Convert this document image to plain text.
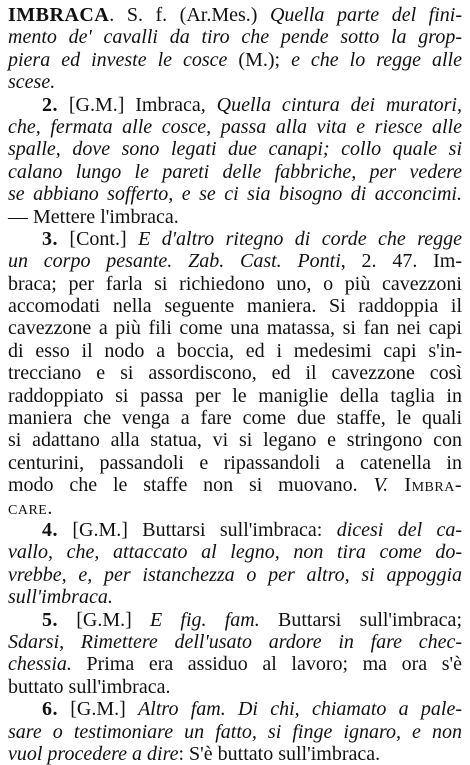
IMBRACA. S. f. (Ar.Mes.) Quella parte del fini-
mento de' cavalli da tiro che pende sotto la grop-
piera ed investe le cosce (M.); e che lo regge alle
scese.
2. [G.M.] Imbraca, Quella cintura dei muratori,
che, fermata alle cosce, passa alla vita e riesce alle
spalle, dove sono legati due canapi; collo quale si
calano lungo le pareti delle fabbriche, per vedere
se abbiano sofferto, e se ci sia bisogno di acconcimi.
— Mettere l'imbraca.
3. [Cont.] E d'altro ritegno di corde che regge
un corpo pesante. Zab. Cast. Ponti, 2. 47. Im-
braca; per farla si richiedono uno, o più cavezzoni
accomodati nella seguente maniera. Si raddoppia il
cavezzone a più fili come una matassa, si fan nei capi
di esso il nodo a boccia, ed i medesimi capi s'in-
trecciano e si assordiscono, ed il cavezzone così
raddoppiato si passa per le maniglie della taglia in
maniera che venga a fare come due staffe, le quali
si adattano alla statua, vi si legano e stringono con
centurini, passandoli e ripassandoli a catenella in
modo che le staffe non si muovano. V. Imbra-
care.
4. [G.M.] Buttarsi sull'imbraca: dicesi del ca-
vallo, che, attaccato al legno, non tira come do-
vrebbe, e, per istanchezza o per altro, si appoggia
sull'imbraca.
5. [G.M.] E fig. fam. Buttarsi sull'imbraca;
Sdarsi, Rimettere dell'usato ardore in fare chec-
chessia. Prima era assiduo al lavoro; ma ora s'è
buttato sull'imbraca.
6. [G.M.] Altro fam. Di chi, chiamato a pale-
sare o testimoniare un fatto, si finge ignaro, e non
vuol procedere a dire: S'è buttato sull'imbraca.
